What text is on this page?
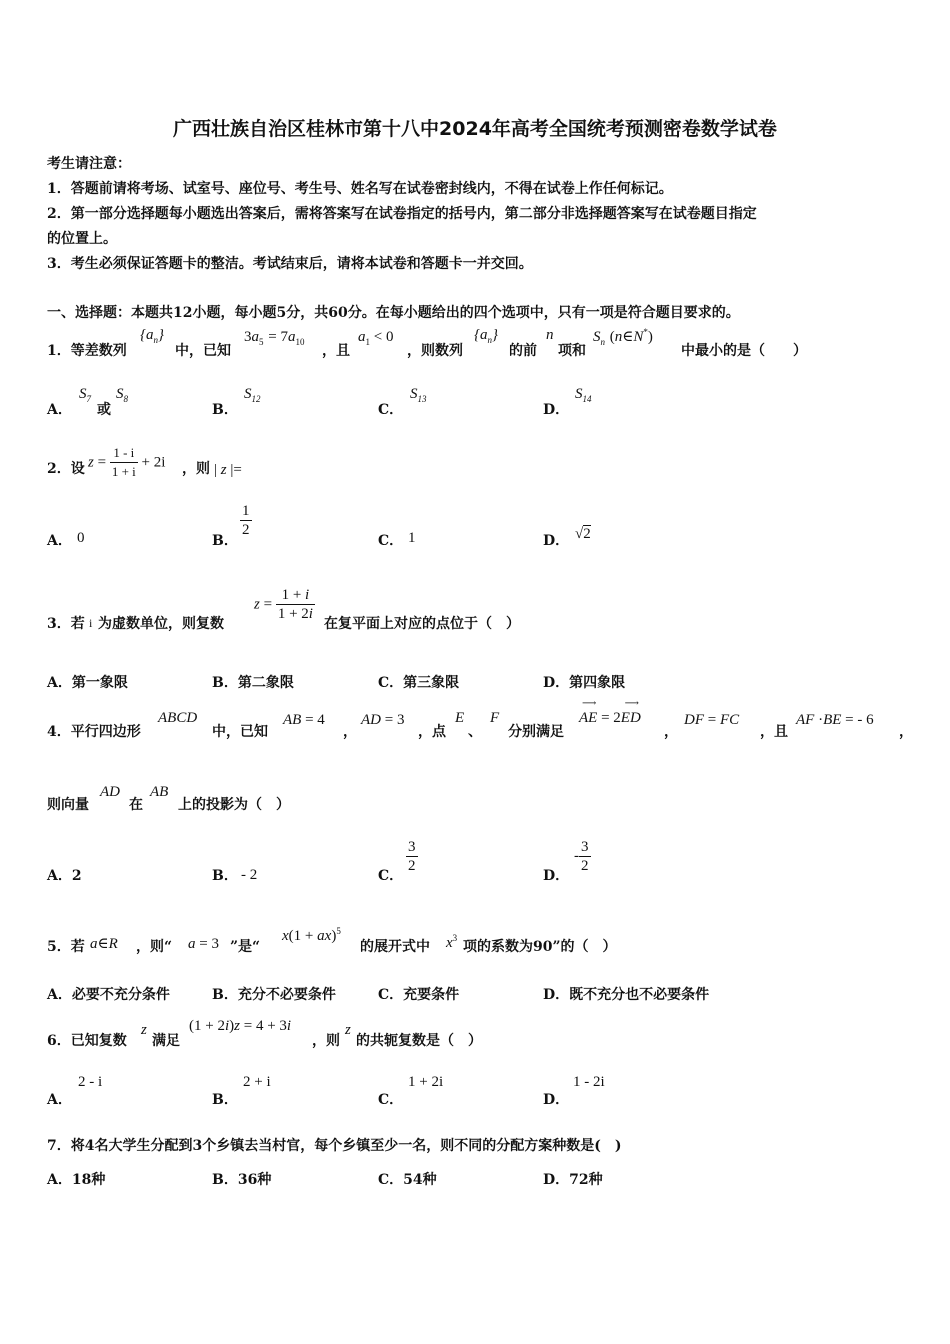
广西壮族自治区桂林市第十八中2024年高考全国统考预测密卷数学试卷
考生请注意：
1．答题前请将考场、试室号、座位号、考生号、姓名写在试卷密封线内，不得在试卷上作任何标记。
2．第一部分选择题每小题选出答案后，需将答案写在试卷指定的括号内，第二部分非选择题答案写在试卷题目指定
的位置上。
3．考生必须保证答题卡的整洁。考试结束后，请将本试卷和答题卡一并交回。
一、选择题：本题共12小题，每小题5分，共60分。在每小题给出的四个选项中，只有一项是符合题目要求的。
1．等差数列
$\{a_n\}$
中，已知
$3a_5 = 7a_{10}$
，且
$a_1 < 0$
，则数列
$\{a_n\}$
的前
n
项和
$S_n$ (n∈N*)
中最小的是（　　）
A．
$S_7$
或
$S_8$
B．
$S_{12}$
C．
$S_{13}$
D．
$S_{14}$
2．设 $z = \frac{1 - i}{1 + i} + 2i$ ，则 | z |=
A． 0	B．
$\frac{1}{2}$
C． 1	D． √2
3．若 i 为虚数单位，则复数
$z = \frac{1 + i}{1 + 2i}$
在复平面上对应的点位于（　）
A．第一象限	B．第二象限	C．第三象限	D．第四象限
4．平行四边形
ABCD
中，已知
AB = 4
，
AD = 3
，点
E
、
F
分别满足
⟶
AE = 2
⟶
ED
，
DF = FC
，且
AF ·BE = - 6
，
则向量
AD
在
AB
上的投影为（　）
A．2	B． - 2	C．
$\frac{3}{2}$
D．
- $\frac{3}{2}$
5．若 a∈R ，则“ a = 3 ”是“
x(1 + ax)$^5$
的展开式中 $x^3$
项的系数为90”的（　）
A．必要不充分条件	B．充分不必要条件	C．充要条件	D．既不充分也不必要条件
6．已知复数
z
满足
(1 + 2i)z = 4 + 3i
，则
z
的共轭复数是（　）
A．
2 - i
B．
2 + i
C．
1 + 2i
D．
1 - 2i
7．将4名大学生分配到3个乡镇去当村官，每个乡镇至少一名，则不同的分配方案种数是(　)
A．18种	B．36种	C．54种	D．72种
